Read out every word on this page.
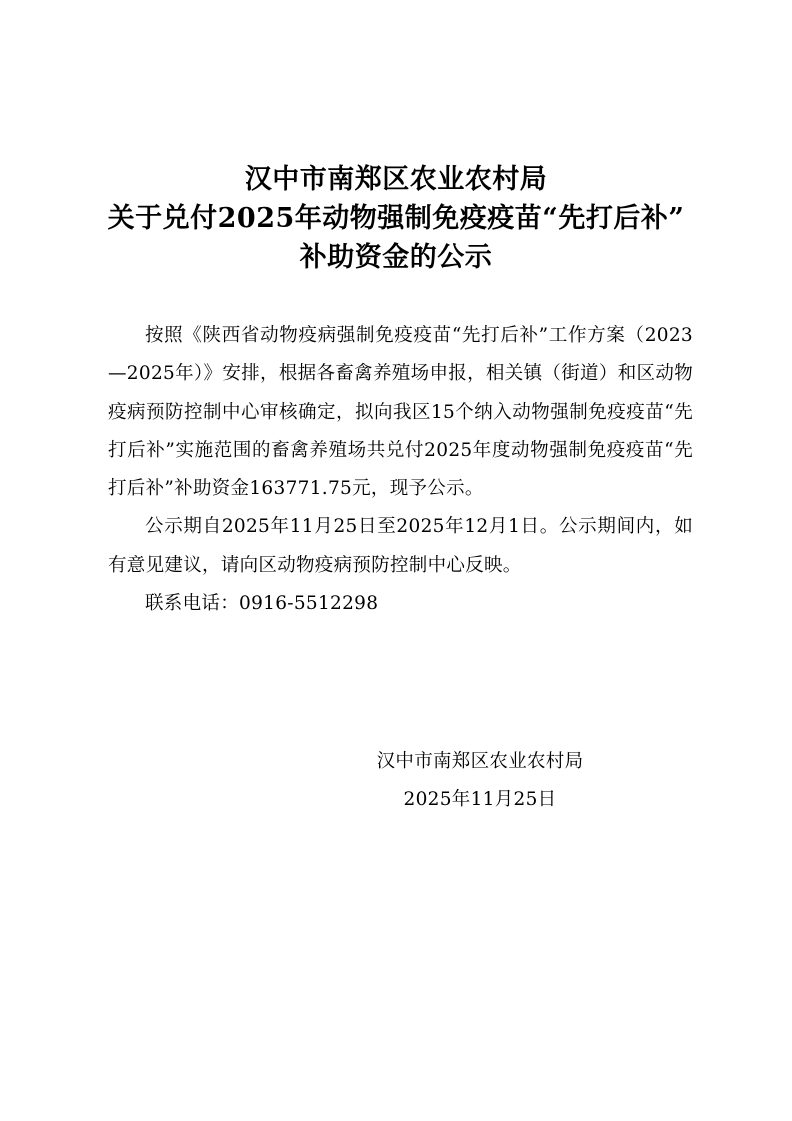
汉中市南郑区农业农村局
关于兑付2025年动物强制免疫疫苗“先打后补”
补助资金的公示

按照《陕西省动物疫病强制免疫疫苗“先打后补”工作方案（2023—2025年）》安排，根据各畜禽养殖场申报，相关镇（街道）和区动物疫病预防控制中心审核确定，拟向我区15个纳入动物强制免疫疫苗“先打后补”实施范围的畜禽养殖场共兑付2025年度动物强制免疫疫苗“先打后补”补助资金163771.75元，现予公示。

公示期自2025年11月25日至2025年12月1日。公示期间内，如有意见建议，请向区动物疫病预防控制中心反映。

联系电话：0916-5512298

汉中市南郑区农业农村局
2025年11月25日
